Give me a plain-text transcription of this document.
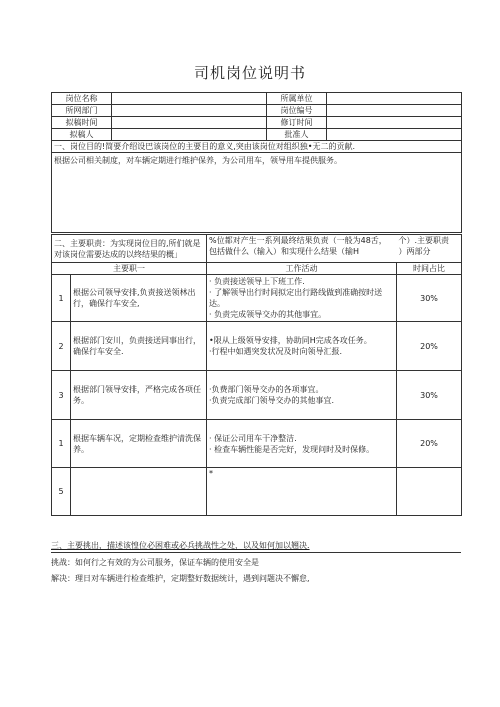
司机岗位说明书
岗位名称		所属单位	
所网部门		岗位编号	
拟稿时间		修订时间	
拟稿人		批准人	
一、岗位目的!简要介绍设巴该岗位的主要目的意义,突由该岗位对组织独•无二的贡献.
根据公司相关制度，对车辆定期进行维护保养，为公司用车，领导用车提供服务。
二、主要职责：为实现岗位目的,所们就是对该岗位需要达成的以终结果的概」		%位都对产生一系列最终结果负责（一般为48舌，包括做什么（输入）和实现什么结果（输H	个）.主要职责
）两部分
主要职一		工作活动	时间占比
1	根据公司领导安排,负责接送领林出行，确保行车安全,	· 负责接送领导上下班工作.
· 了解领导出行时间拟定出行路线做到准确按时送达。
· 负责完成领导交办的其他事宜。	30%
2	根据部门安川，负责接送同事出行，确保行车安全.	•限从上级领导安排，协助同H完成各攻任务。
·行程中如遇突发状况及时向领导汇报.	20%
3	根据部门领导安排，严格完成各项任务。	·负费部门领导交办的各项事宜。
·负责完成部门领导交办的其他事宜.	30%
1	根据车辆车况，定期检查维护清洗保养。	· 保证公司用车干净整洁.
· 检查车辆性能是否完好，发现问时及时保修。	20%
5		*	

三、主要挑出，描述该惶位必困难或必兵挑战性之处，以及如何加以翘决.
挑战：如何行之有效的为公司服务，保证车辆的使用安全是
解决：理日对车辆进行检查维护，定期整好数据统计，遇到问题决不懈怠,
